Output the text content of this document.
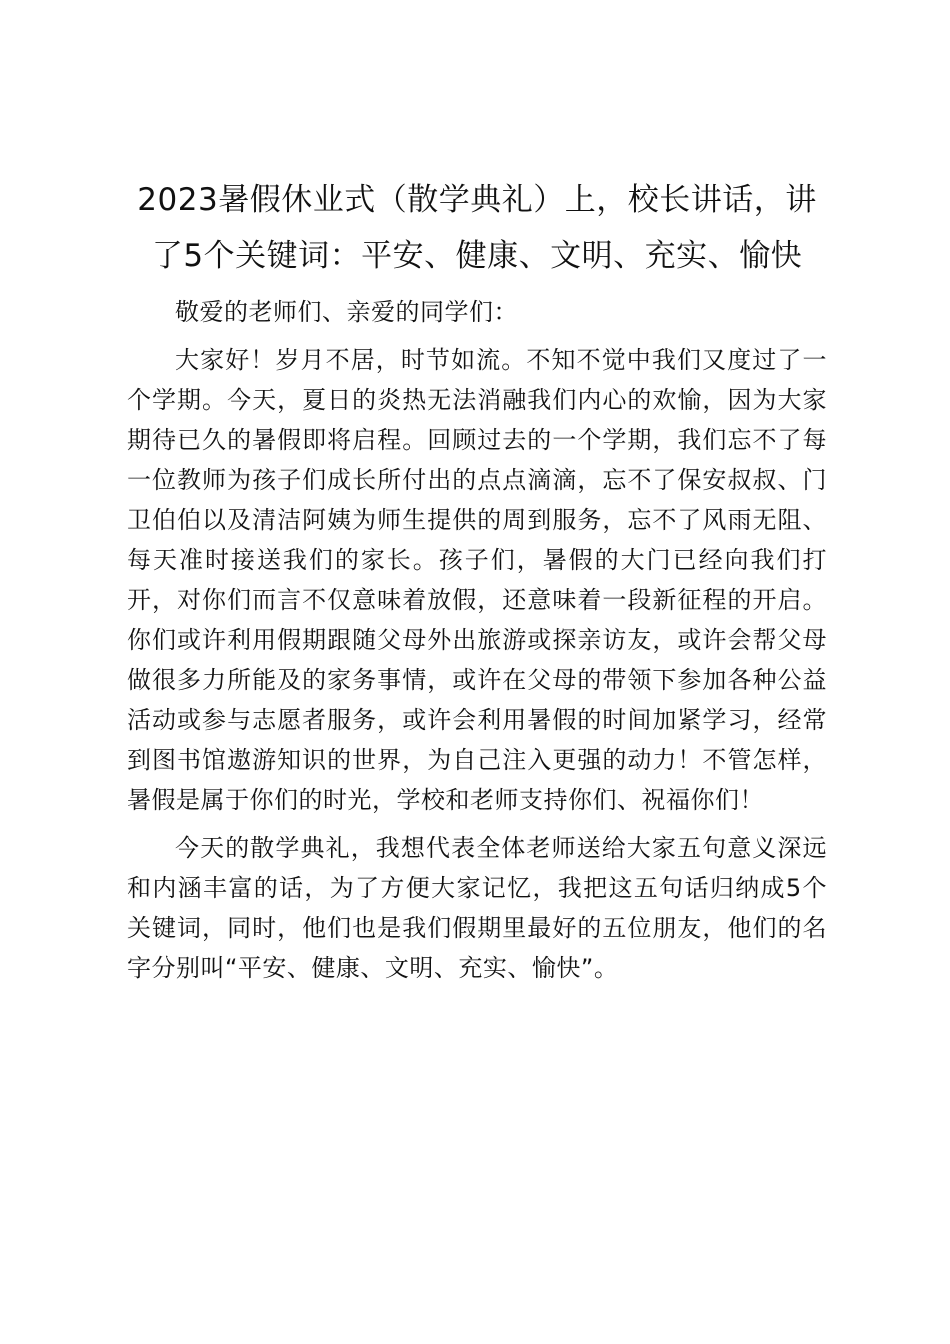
2023暑假休业式（散学典礼）上，校长讲话，讲了5个关键词：平安、健康、文明、充实、愉快

敬爱的老师们、亲爱的同学们：

大家好！岁月不居，时节如流。不知不觉中我们又度过了一个学期。今天，夏日的炎热无法消融我们内心的欢愉，因为大家期待已久的暑假即将启程。回顾过去的一个学期，我们忘不了每一位教师为孩子们成长所付出的点点滴滴，忘不了保安叔叔、门卫伯伯以及清洁阿姨为师生提供的周到服务，忘不了风雨无阻、每天准时接送我们的家长。孩子们，暑假的大门已经向我们打开，对你们而言不仅意味着放假，还意味着一段新征程的开启。你们或许利用假期跟随父母外出旅游或探亲访友，或许会帮父母做很多力所能及的家务事情，或许在父母的带领下参加各种公益活动或参与志愿者服务，或许会利用暑假的时间加紧学习，经常到图书馆遨游知识的世界，为自己注入更强的动力！不管怎样，暑假是属于你们的时光，学校和老师支持你们、祝福你们！

今天的散学典礼，我想代表全体老师送给大家五句意义深远和内涵丰富的话，为了方便大家记忆，我把这五句话归纳成5个关键词，同时，他们也是我们假期里最好的五位朋友，他们的名字分别叫“平安、健康、文明、充实、愉快”。
